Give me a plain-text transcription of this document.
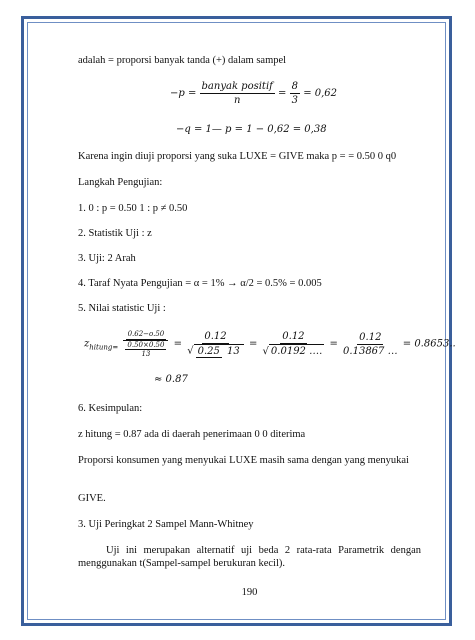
adalah = proporsi banyak tanda (+) dalam sampel
$-p = \frac{\text{banyak positif}}{n} = \frac{8}{3} = 0,62$
−q = 1— p = 1 − 0,62 = 0,38
Karena ingin diuji proporsi yang suka LUXE = GIVE maka p = = 0.50 0 q0
Langkah Pengujian:
1. 0 : p = 0.50 1 : p ≠ 0.50
2. Statistik Uji : z
3. Uji: 2 Arah
4. Taraf Nyata Pengujian = α = 1% → α/2 = 0.5% = 0.005
5. Nilai statistic Uji :
$z_{hitung=} \frac{0.62-o.50}{\frac{0.50\times 0.50}{13}} = \frac{0.12}{√ 0.25 13} = \frac{0.12}{√ 0.0192 \dots.} = \frac{0.12}{0.13867 \dots} = 0.8653$..
≈ 0.87
6. Kesimpulan:
z hitung = 0.87 ada di daerah penerimaan 0 0 diterima
Proporsi konsumen yang menyukai LUXE masih sama dengan yang menyukai
GIVE.
3. Uji Peringkat 2 Sampel Mann-Whitney
Uji ini merupakan alternatif uji beda 2 rata-rata Parametrik dengan menggunakan t(Sampel-sampel berukuran kecil).
190
